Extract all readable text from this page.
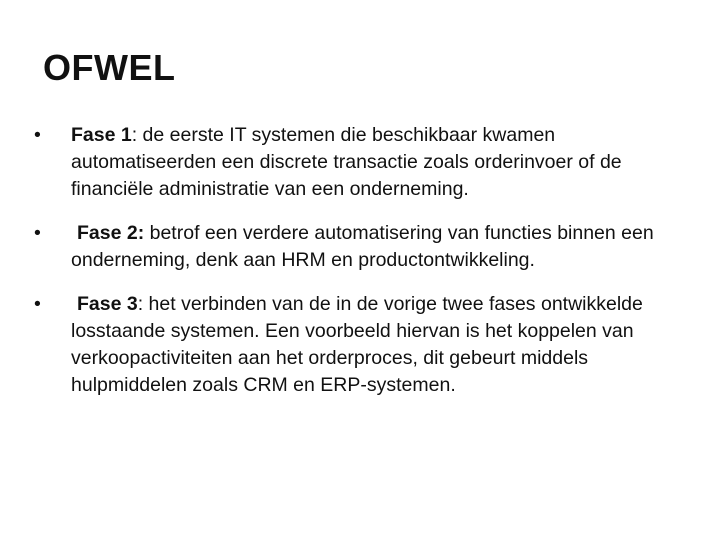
OFWEL
•	Fase 1: de eerste IT systemen die beschikbaar kwamen automatiseerden een discrete transactie zoals orderinvoer of de financiële administratie van een onderneming.
•	Fase 2: betrof een verdere automatisering van functies binnen een onderneming, denk aan HRM en productontwikkeling.
•	Fase 3: het verbinden van de in de vorige twee fases ontwikkelde losstaande systemen. Een voorbeeld hiervan is het koppelen van verkoopactiviteiten aan het orderproces, dit gebeurt middels hulpmiddelen zoals CRM en ERP-systemen.
